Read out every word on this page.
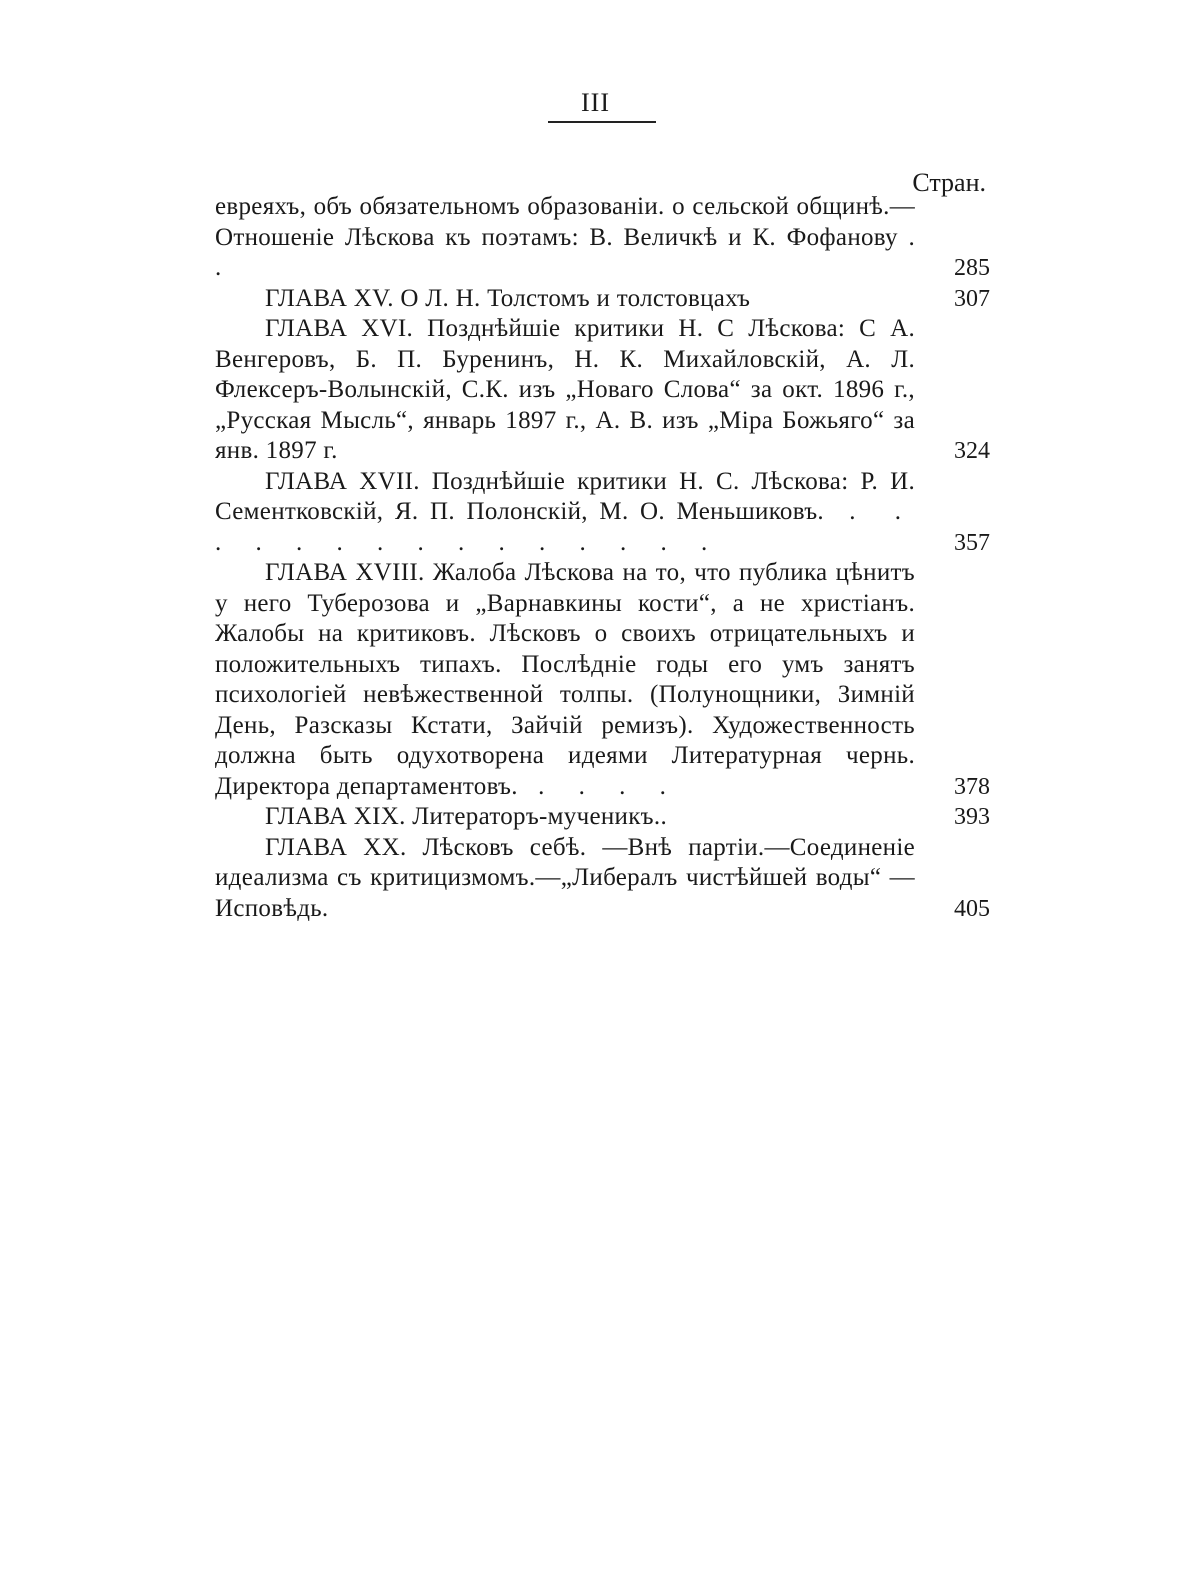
III
Стран.
евреяхъ, объ обязательномъ образованіи. о сельской общинѣ.—Отношеніе Лѣскова къ поэтамъ: В. Величкѣ и К. Фофанову . .	285
ГЛАВА XV. О Л. Н. Толстомъ и толстовцахъ	307
ГЛАВА XVI. Позднѣйшіе критики Н. С Лѣскова: С А. Венгеровъ, Б. П. Буренинъ, Н. К. Михайловскій, А. Л. Флексеръ-Волынскій, С.К. изъ „Новаго Слова“ за окт. 1896 г., „Русская Мысль“, январь 1897 г., А. В. изъ „Міра Божьяго“ за янв. 1897 г.	324
ГЛАВА XVII. Позднѣйшіе критики Н. С. Лѣскова: Р. И. Сементковскій, Я. П. Полонскій, М. О. Меньшиковъ. . . . . . . . . . . . . . . .	357
ГЛАВА XVIII. Жалоба Лѣскова на то, что публика цѣнитъ у него Туберозова и „Варнавкины кости“, а не христіанъ. Жалобы на критиковъ. Лѣсковъ о своихъ отрицательныхъ и положительныхъ типахъ. Послѣдніе годы его умъ занятъ психологіей невѣжественной толпы. (Полунощники, Зимній День, Разсказы Кстати, Зайчій ремизъ). Художественность должна быть одухотворена идеями Литературная чернь. Директора департаментовъ. . . . .	378
ГЛАВА XIX. Литераторъ-мученикъ..	393
ГЛАВА XX. Лѣсковъ себѣ. —Внѣ партіи.—Соединеніе идеализма съ критицизмомъ.—„Либералъ чистѣйшей воды“ —Исповѣдь.	405
